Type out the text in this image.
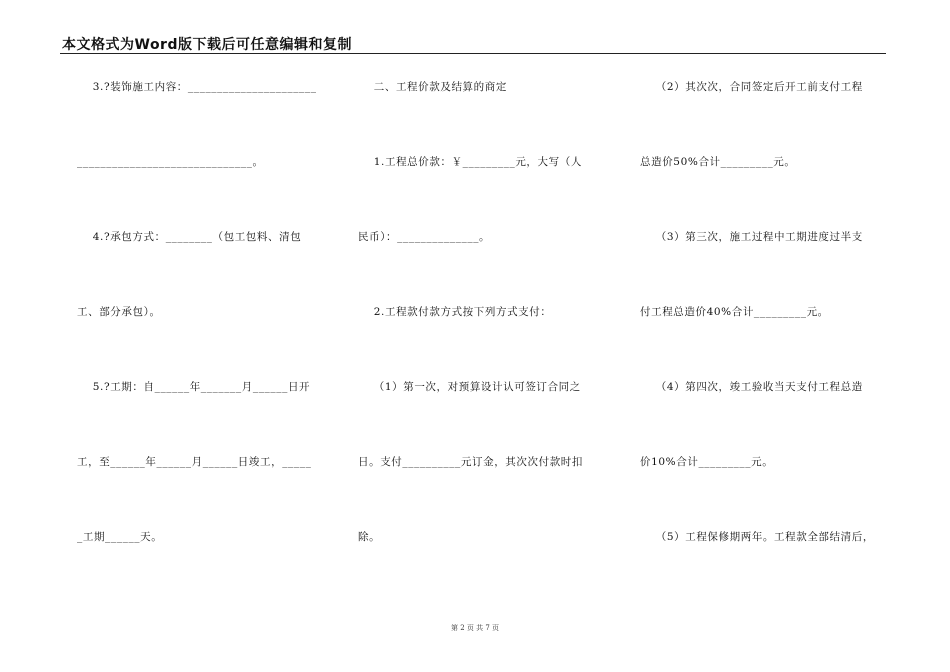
本文格式为Word版下载后可任意编辑和复制
3.?装饰施工内容：______________________
______________________________。
4.?承包方式：________（包工包料、清包
工、部分承包）。
5.?工期：自______年_______月______日开
工，至______年______月______日竣工，_____
_工期______天。
二、工程价款及结算的商定
1.工程总价款：￥_________元，大写（人
民币）：______________。
2.工程款付款方式按下列方式支付：
（1）第一次，对预算设计认可签订合同之
日。支付__________元订金，其次次付款时扣
除。
（2）其次次，合同签定后开工前支付工程
总造价50%合计_________元。
（3）第三次，施工过程中工期进度过半支
付工程总造价40%合计_________元。
（4）第四次，竣工验收当天支付工程总造
价10%合计_________元。
（5）工程保修期两年。工程款全部结清后，
第 2 页 共 7 页
